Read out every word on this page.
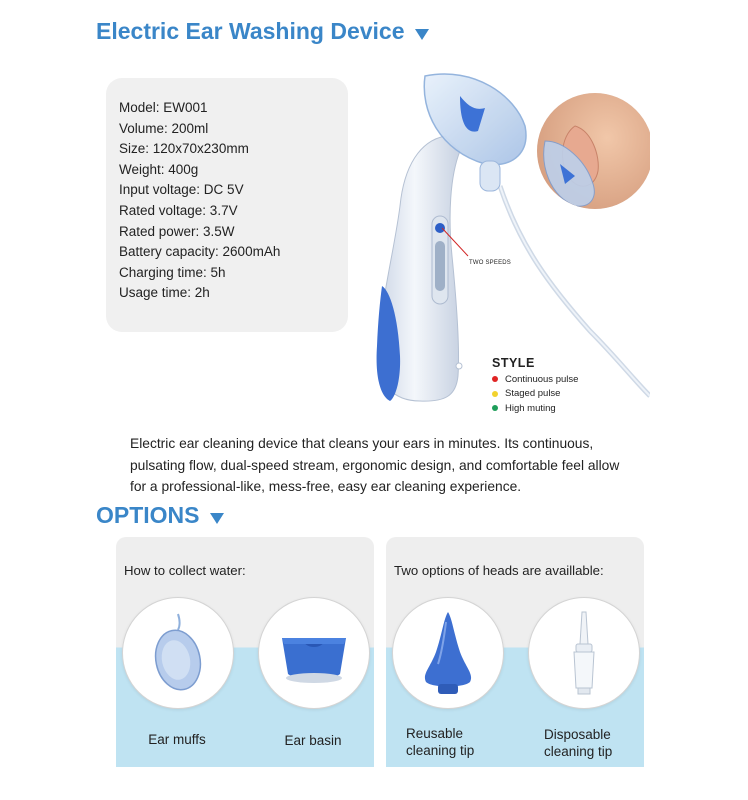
Electric Ear Washing Device
Model: EW001
Volume: 200ml
Size: 120x70x230mm
Weight: 400g
Input voltage: DC 5V
Rated voltage: 3.7V
Rated power: 3.5W
Battery capacity: 2600mAh
Charging time: 5h
Usage time: 2h
TWO SPEEDS
STYLE
Continuous pulse
Staged pulse
High muting

Electric ear cleaning device that cleans your ears in minutes. Its continuous, pulsating flow, dual-speed stream, ergonomic design, and comfortable feel allow for a professional-like, mess-free, easy ear cleaning experience.

OPTIONS
How to collect water:
Ear muffs	Ear basin
Two options of heads are availlable:
Reusable cleaning tip
Disposable cleaning tip
